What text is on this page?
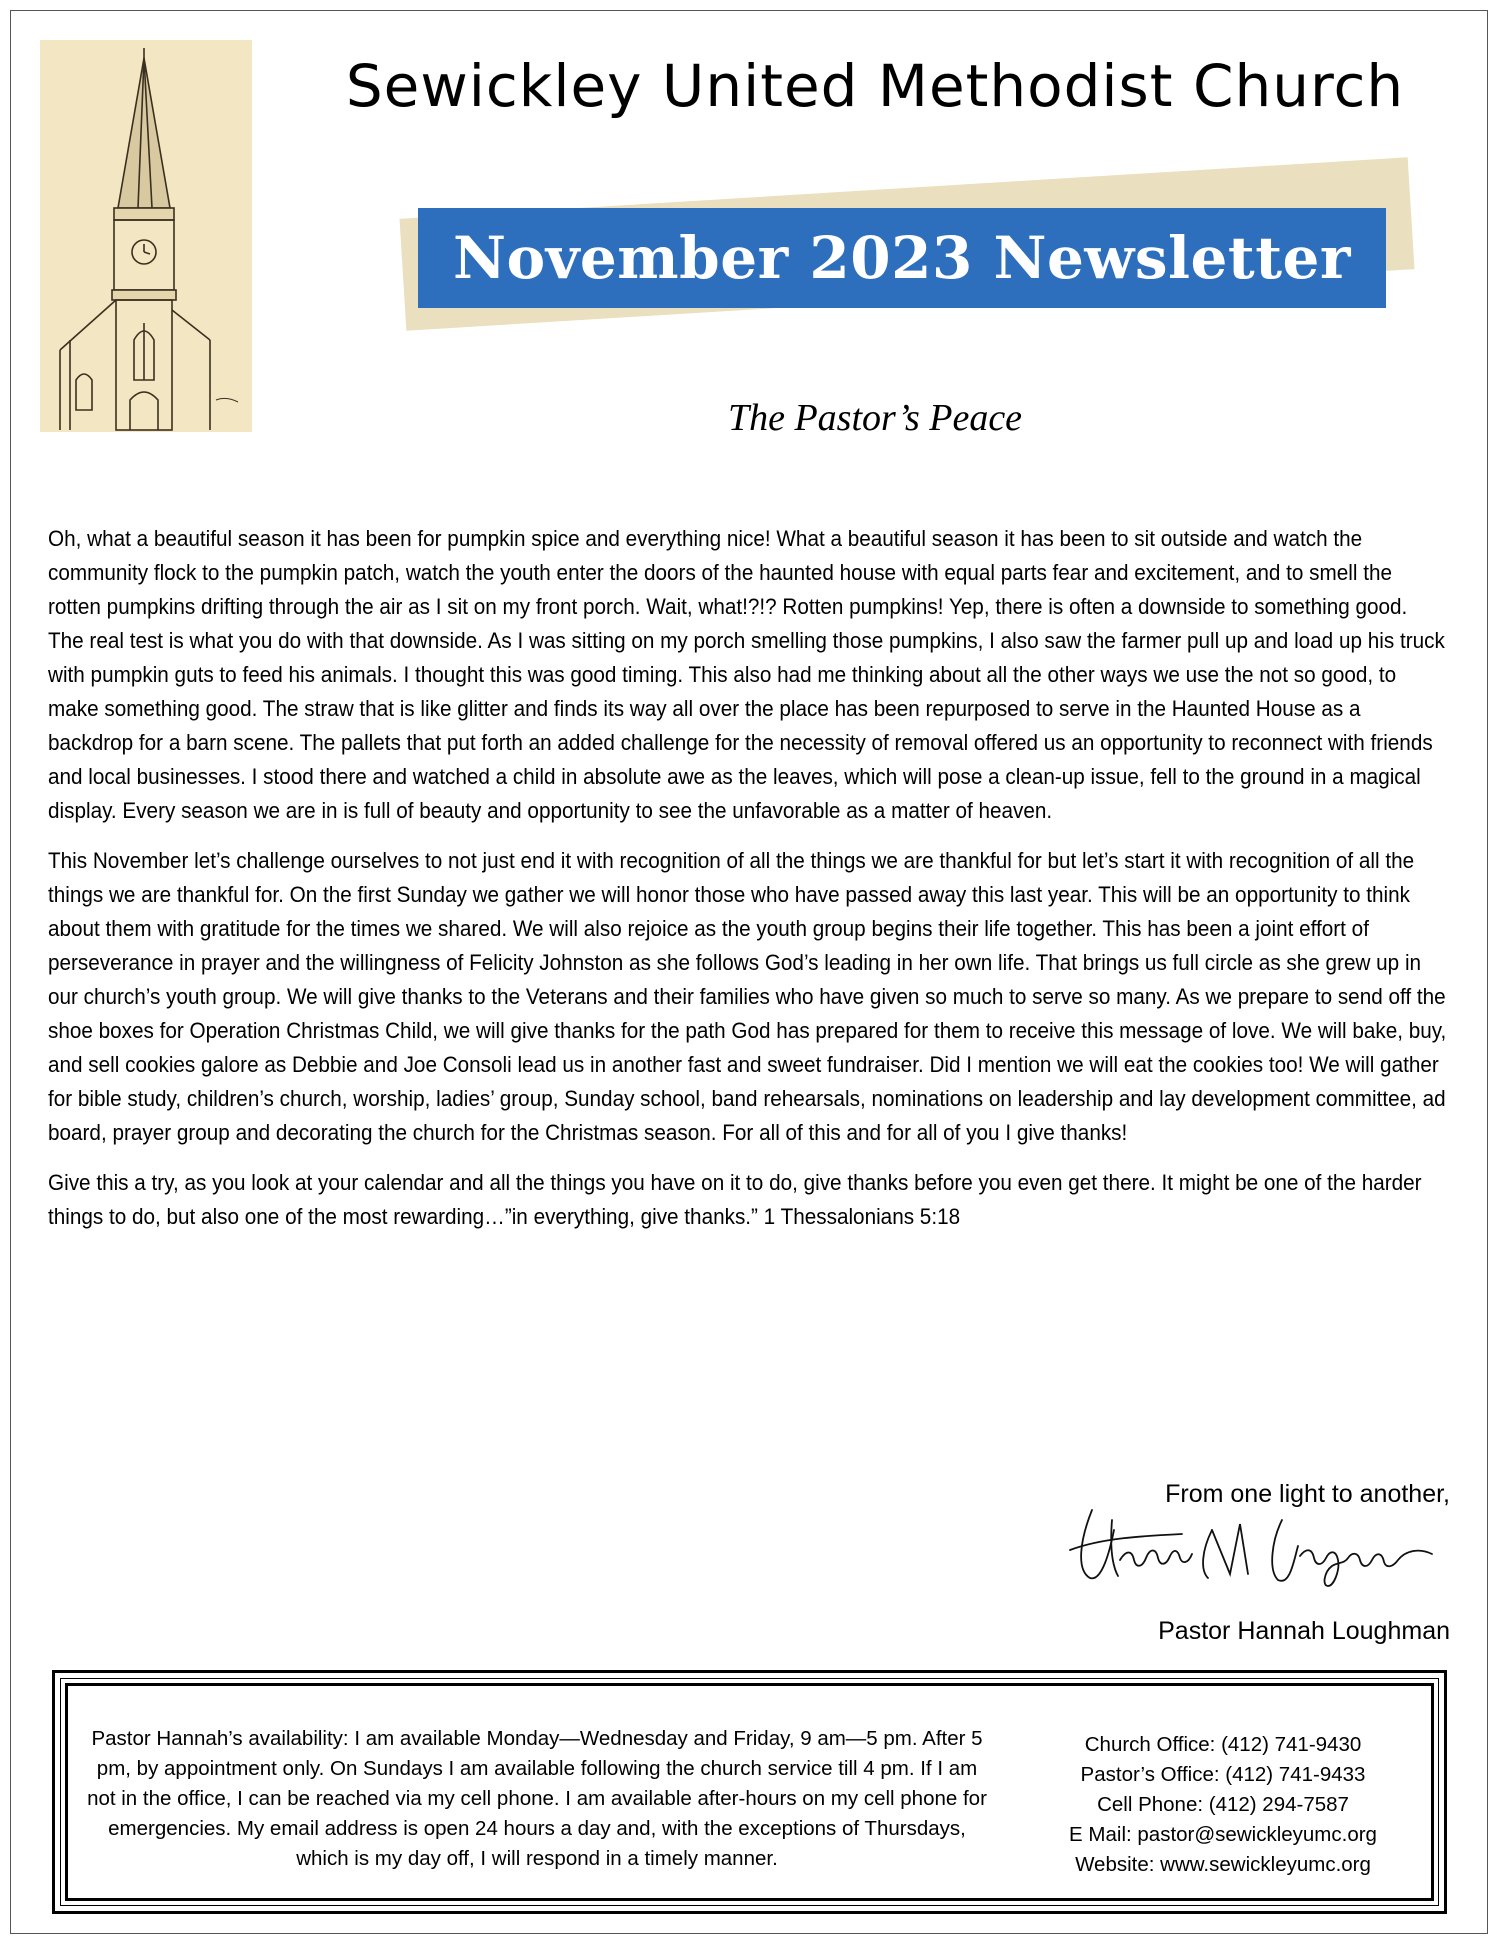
Sewickley United Methodist Church
November 2023 Newsletter
The Pastor’s Peace

Oh, what a beautiful season it has been for pumpkin spice and everything nice! What a beautiful season it has been to sit outside and watch the community flock to the pumpkin patch, watch the youth enter the doors of the haunted house with equal parts fear and excitement, and to smell the rotten pumpkins drifting through the air as I sit on my front porch. Wait, what!?!? Rotten pumpkins! Yep, there is often a downside to something good. The real test is what you do with that downside. As I was sitting on my porch smelling those pumpkins, I also saw the farmer pull up and load up his truck with pumpkin guts to feed his animals. I thought this was good timing. This also had me thinking about all the other ways we use the not so good, to make something good. The straw that is like glitter and finds its way all over the place has been repurposed to serve in the Haunted House as a backdrop for a barn scene. The pallets that put forth an added challenge for the necessity of removal offered us an opportunity to reconnect with friends and local businesses. I stood there and watched a child in absolute awe as the leaves, which will pose a clean-up issue, fell to the ground in a magical display. Every season we are in is full of beauty and opportunity to see the unfavorable as a matter of heaven.

This November let’s challenge ourselves to not just end it with recognition of all the things we are thankful for but let’s start it with recognition of all the things we are thankful for. On the first Sunday we gather we will honor those who have passed away this last year. This will be an opportunity to think about them with gratitude for the times we shared. We will also rejoice as the youth group begins their life together. This has been a joint effort of perseverance in prayer and the willingness of Felicity Johnston as she follows God’s leading in her own life. That brings us full circle as she grew up in our church’s youth group. We will give thanks to the Veterans and their families who have given so much to serve so many. As we prepare to send off the shoe boxes for Operation Christmas Child, we will give thanks for the path God has prepared for them to receive this message of love. We will bake, buy, and sell cookies galore as Debbie and Joe Consoli lead us in another fast and sweet fundraiser. Did I mention we will eat the cookies too! We will gather for bible study, children’s church, worship, ladies’ group, Sunday school, band rehearsals, nominations on leadership and lay development committee, ad board, prayer group and decorating the church for the Christmas season. For all of this and for all of you I give thanks!

Give this a try, as you look at your calendar and all the things you have on it to do, give thanks before you even get there. It might be one of the harder things to do, but also one of the most rewarding…”in everything, give thanks.” 1 Thessalonians 5:18

From one light to another,
Pastor Hannah Loughman
Pastor Hannah’s availability: I am available Monday—Wednesday and Friday, 9 am—5 pm. After 5 pm, by appointment only. On Sundays I am available following the church service till 4 pm. If I am not in the office, I can be reached via my cell phone. I am available after-hours on my cell phone for emergencies. My email address is open 24 hours a day and, with the exceptions of Thursdays, which is my day off, I will respond in a timely manner.
Church Office: (412) 741-9430
Pastor’s Office: (412) 741-9433
Cell Phone: (412) 294-7587
E Mail: pastor@sewickleyumc.org
Website: www.sewickleyumc.org
